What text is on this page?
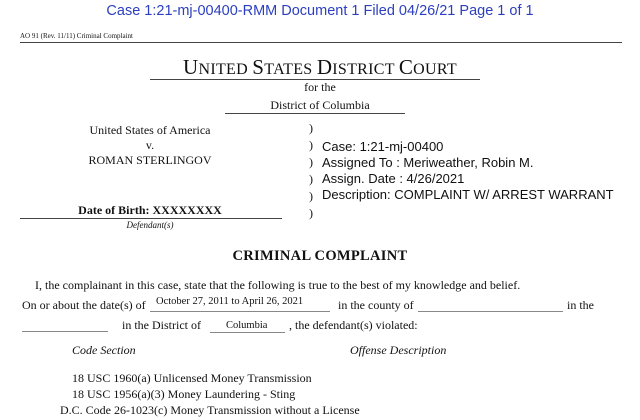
Case 1:21-mj-00400-RMM Document 1 Filed 04/26/21 Page 1 of 1
AO 91 (Rev. 11/11) Criminal Complaint
UNITED STATES DISTRICT COURT
for the
District of Columbia
United States of America
v.
ROMAN STERLINGOV
Date of Birth: XXXXXXXX
Defendant(s)
)
)
)
)
)
)
Case: 1:21-mj-00400
Assigned To : Meriweather, Robin M.
Assign. Date : 4/26/2021
Description: COMPLAINT W/ ARREST WARRANT
CRIMINAL COMPLAINT
I, the complainant in this case, state that the following is true to the best of my knowledge and belief.
On or about the date(s) of October 27, 2011 to April 26, 2021	in the county of	in the
in the District of Columbia , the defendant(s) violated:
Code Section	Offense Description
18 USC 1960(a) Unlicensed Money Transmission
18 USC 1956(a)(3) Money Laundering - Sting
D.C. Code 26-1023(c) Money Transmission without a License
